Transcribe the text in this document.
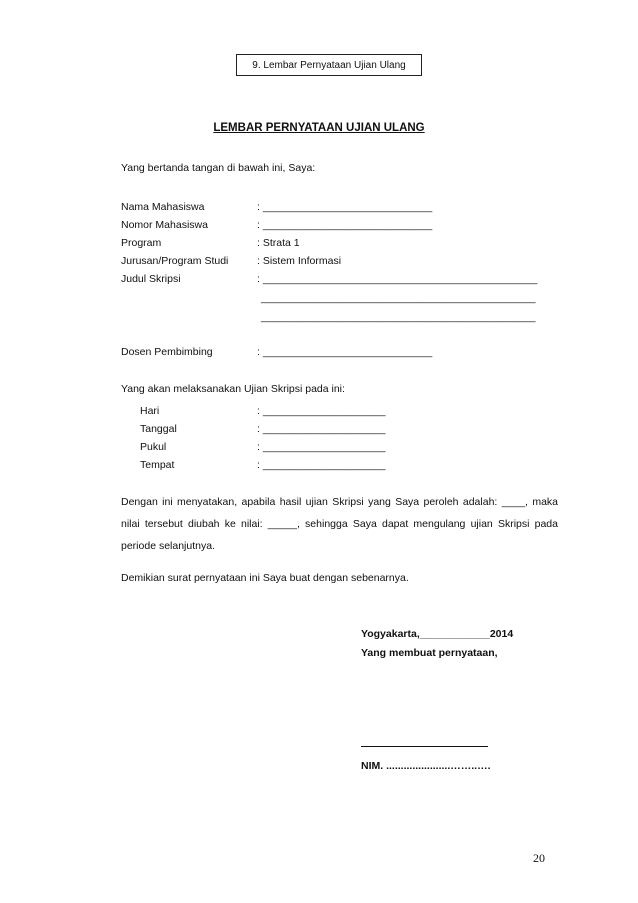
9. Lembar Pernyataan Ujian Ulang
LEMBAR PERNYATAAN UJIAN ULANG
Yang bertanda tangan di bawah ini, Saya:
Nama Mahasiswa	: _____________________________
Nomor Mahasiswa	: _____________________________
Program	: Strata 1
Jurusan/Program Studi	: Sistem Informasi
Judul Skripsi	: _______________________________________________
_______________________________________________
_______________________________________________
Dosen Pembimbing	: _____________________________
Yang akan melaksanakan Ujian Skripsi pada ini:
Hari	: _____________________
Tanggal	: _____________________
Pukul	: _____________________
Tempat	: _____________________
Dengan ini menyatakan, apabila hasil ujian Skripsi yang Saya peroleh adalah: ____, maka nilai tersebut diubah ke nilai: _____, sehingga Saya dapat mengulang ujian Skripsi pada periode selanjutnya.
Demikian surat pernyataan ini Saya buat dengan sebenarnya.
Yogyakarta,____________2014
Yang membuat pernyataan,
NIM. ......................……..….
20
